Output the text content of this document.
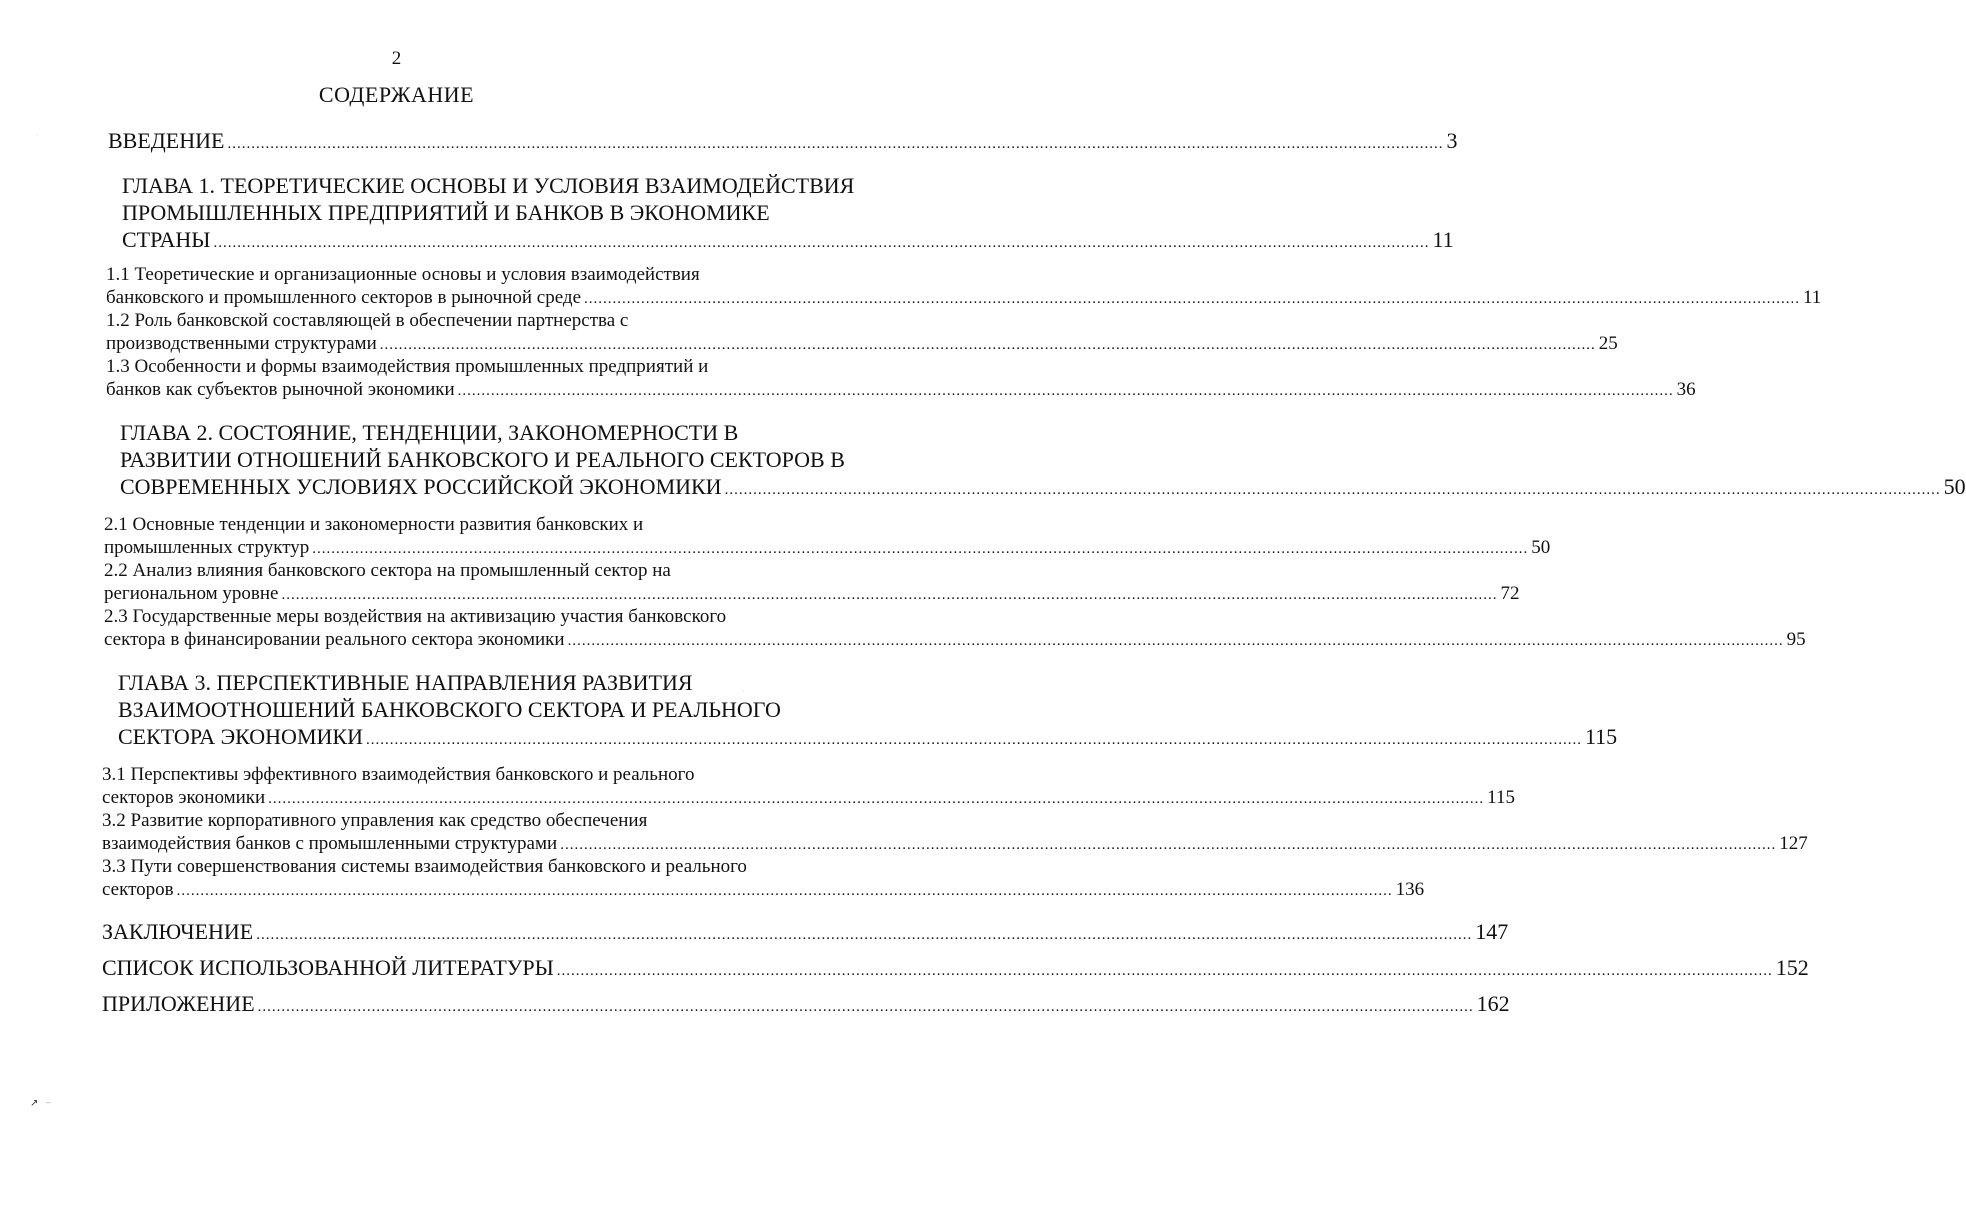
2
СОДЕРЖАНИЕ
ВВЕДЕНИЕ ................................................................................................................................................................................................................................................................ 3
ГЛАВА 1. ТЕОРЕТИЧЕСКИЕ ОСНОВЫ И УСЛОВИЯ ВЗАИМОДЕЙСТВИЯ
ПРОМЫШЛЕННЫХ ПРЕДПРИЯТИЙ И БАНКОВ В ЭКОНОМИКЕ
СТРАНЫ ................................................................................................................................................................................................................................................................ 11
1.1 Теоретические и организационные основы и условия взаимодействия
банковского и промышленного секторов в рыночной среде ................................................................................................................................................................................................................................................................ 11
1.2 Роль банковской составляющей в обеспечении партнерства с
производственными структурами ................................................................................................................................................................................................................................................................ 25
1.3 Особенности и формы взаимодействия промышленных предприятий и
банков как субъектов рыночной экономики ................................................................................................................................................................................................................................................................ 36
ГЛАВА 2. СОСТОЯНИЕ, ТЕНДЕНЦИИ, ЗАКОНОМЕРНОСТИ В
РАЗВИТИИ ОТНОШЕНИЙ БАНКОВСКОГО И РЕАЛЬНОГО СЕКТОРОВ В
СОВРЕМЕННЫХ УСЛОВИЯХ РОССИЙСКОЙ ЭКОНОМИКИ ................................................................................................................................................................................................................................................................ 50
2.1 Основные тенденции и закономерности развития банковских и
промышленных структур ................................................................................................................................................................................................................................................................ 50
2.2 Анализ влияния банковского сектора на промышленный сектор на
региональном уровне ................................................................................................................................................................................................................................................................ 72
2.3 Государственные меры воздействия на активизацию участия банковского
сектора в финансировании реального сектора экономики ................................................................................................................................................................................................................................................................ 95
ГЛАВА 3. ПЕРСПЕКТИВНЫЕ НАПРАВЛЕНИЯ РАЗВИТИЯ
ВЗАИМООТНОШЕНИЙ БАНКОВСКОГО СЕКТОРА И РЕАЛЬНОГО
СЕКТОРА ЭКОНОМИКИ ................................................................................................................................................................................................................................................................ 115
3.1 Перспективы эффективного взаимодействия банковского и реального
секторов экономики ................................................................................................................................................................................................................................................................ 115
3.2 Развитие корпоративного управления как средство обеспечения
взаимодействия банков с промышленными структурами ................................................................................................................................................................................................................................................................ 127
3.3 Пути совершенствования системы взаимодействия банковского и реального
секторов ................................................................................................................................................................................................................................................................ 136
ЗАКЛЮЧЕНИЕ ................................................................................................................................................................................................................................................................ 147
СПИСОК ИСПОЛЬЗОВАННОЙ ЛИТЕРАТУРЫ ................................................................................................................................................................................................................................................................ 152
ПРИЛОЖЕНИЕ ................................................................................................................................................................................................................................................................ 162
↗ ‒
·
·
